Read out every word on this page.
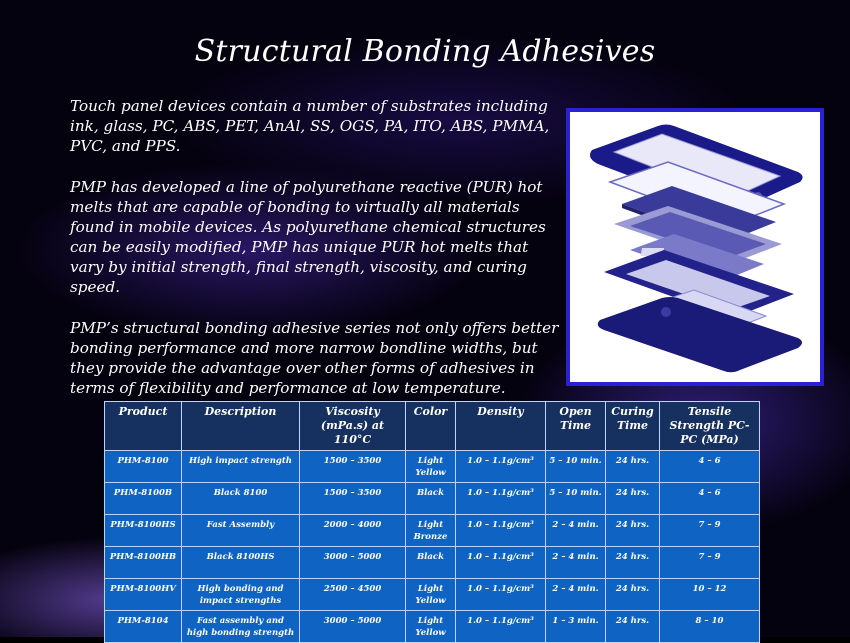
Structural Bonding Adhesives

Touch panel devices contain a number of substrates including ink, glass, PC, ABS, PET, AnAl, SS, OGS, PA, ITO, ABS, PMMA, PVC, and PPS.

PMP has developed a line of polyurethane reactive (PUR) hot melts that are capable of bonding to virtually all materials found in mobile devices. As polyurethane chemical structures can be easily modified, PMP has unique PUR hot melts that vary by initial strength, final strength, viscosity, and curing speed.

PMP’s structural bonding adhesive series not only offers better bonding performance and more narrow bondline widths, but they provide the advantage over other forms of adhesives in terms of flexibility and performance at low temperature.

Product	Description	Viscosity (mPa.s) at 110°C	Color	Density	Open Time	Curing Time	Tensile Strength PC-PC (MPa)
PHM-8100	High impact strength	1500 – 3500	Light Yellow	1.0 – 1.1g/cm³	5 – 10 min.	24 hrs.	4 – 6
PHM-8100B	Black 8100	1500 – 3500	Black	1.0 – 1.1g/cm³	5 – 10 min.	24 hrs.	4 – 6
PHM-8100HS	Fast Assembly	2000 – 4000	Light Bronze	1.0 – 1.1g/cm³	2 – 4 min.	24 hrs.	7 – 9
PHM-8100HB	Black 8100HS	3000 – 5000	Black	1.0 – 1.1g/cm³	2 – 4 min.	24 hrs.	7 – 9
PHM-8100HV	High bonding and impact strengths	2500 – 4500	Light Yellow	1.0 – 1.1g/cm³	2 – 4 min.	24 hrs.	10 – 12
PHM-8104	Fast assembly and high bonding strength	3000 – 5000	Light Yellow	1.0 – 1.1g/cm³	1 – 3 min.	24 hrs.	8 – 10
